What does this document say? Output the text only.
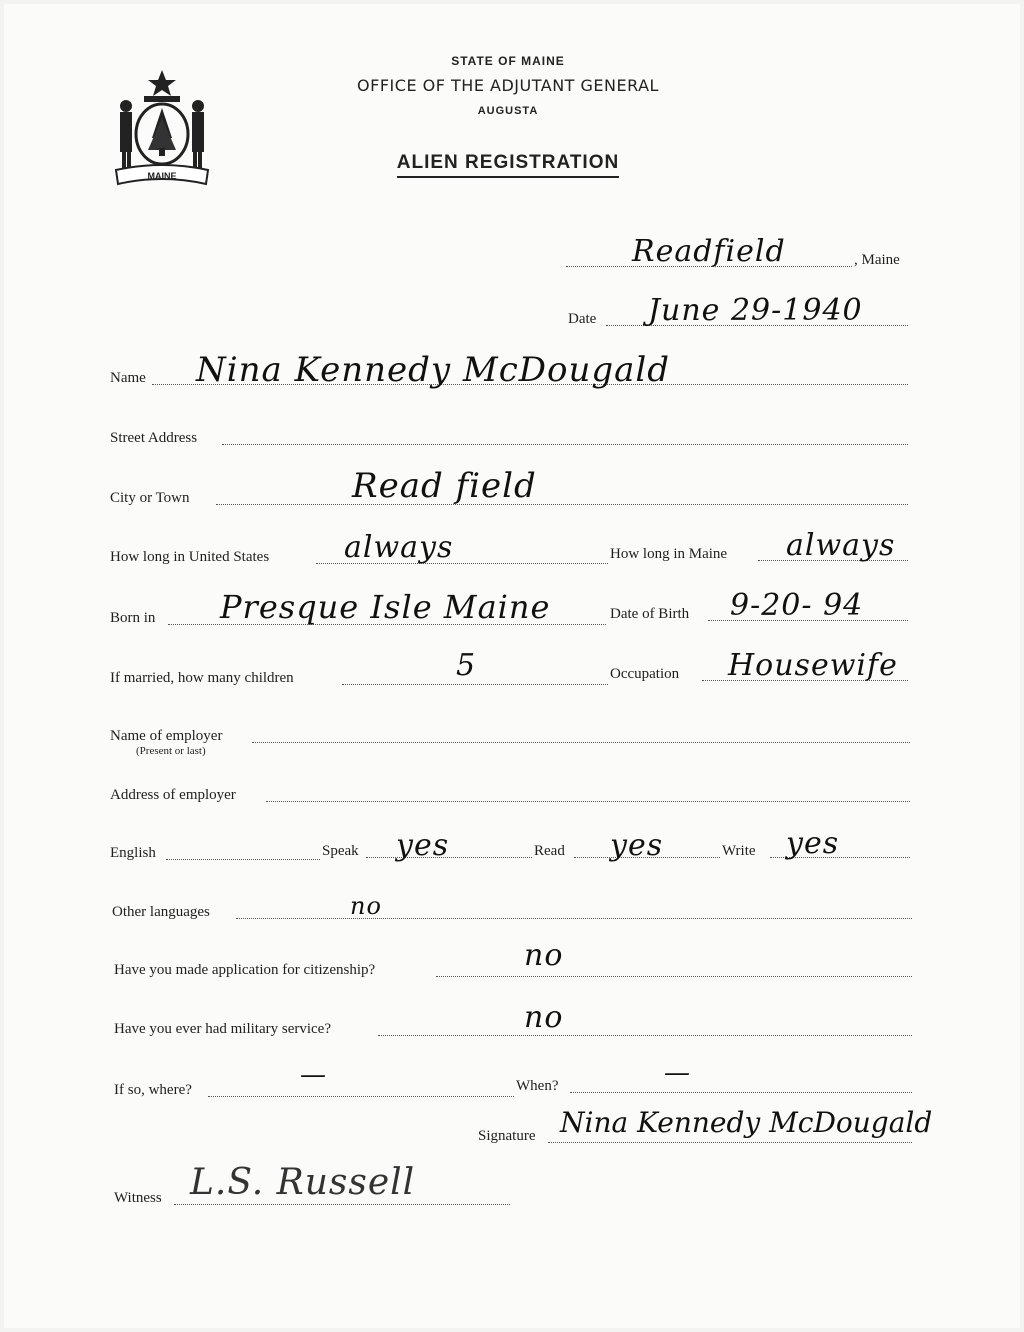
STATE OF MAINE
OFFICE OF THE ADJUTANT GENERAL
AUGUSTA
ALIEN REGISTRATION
MAINE
Readfield	, Maine
Date June 29-1940
Name Nina Kennedy McDougald
Street Address
City or Town	Read field
How long in United States always	How long in Maine always
Born in Presque Isle Maine	Date of Birth 9-20- 94
If married, how many children	5	Occupation Housewife
Name of employer
(Present or last)
Address of employer
English	Speak yes	Read yes	Write yes
Other languages	no
Have you made application for citizenship?	no
Have you ever had military service?	no
If so, where?	—	When?	—
Signature Nina Kennedy McDougald
Witness L.S. Russell
